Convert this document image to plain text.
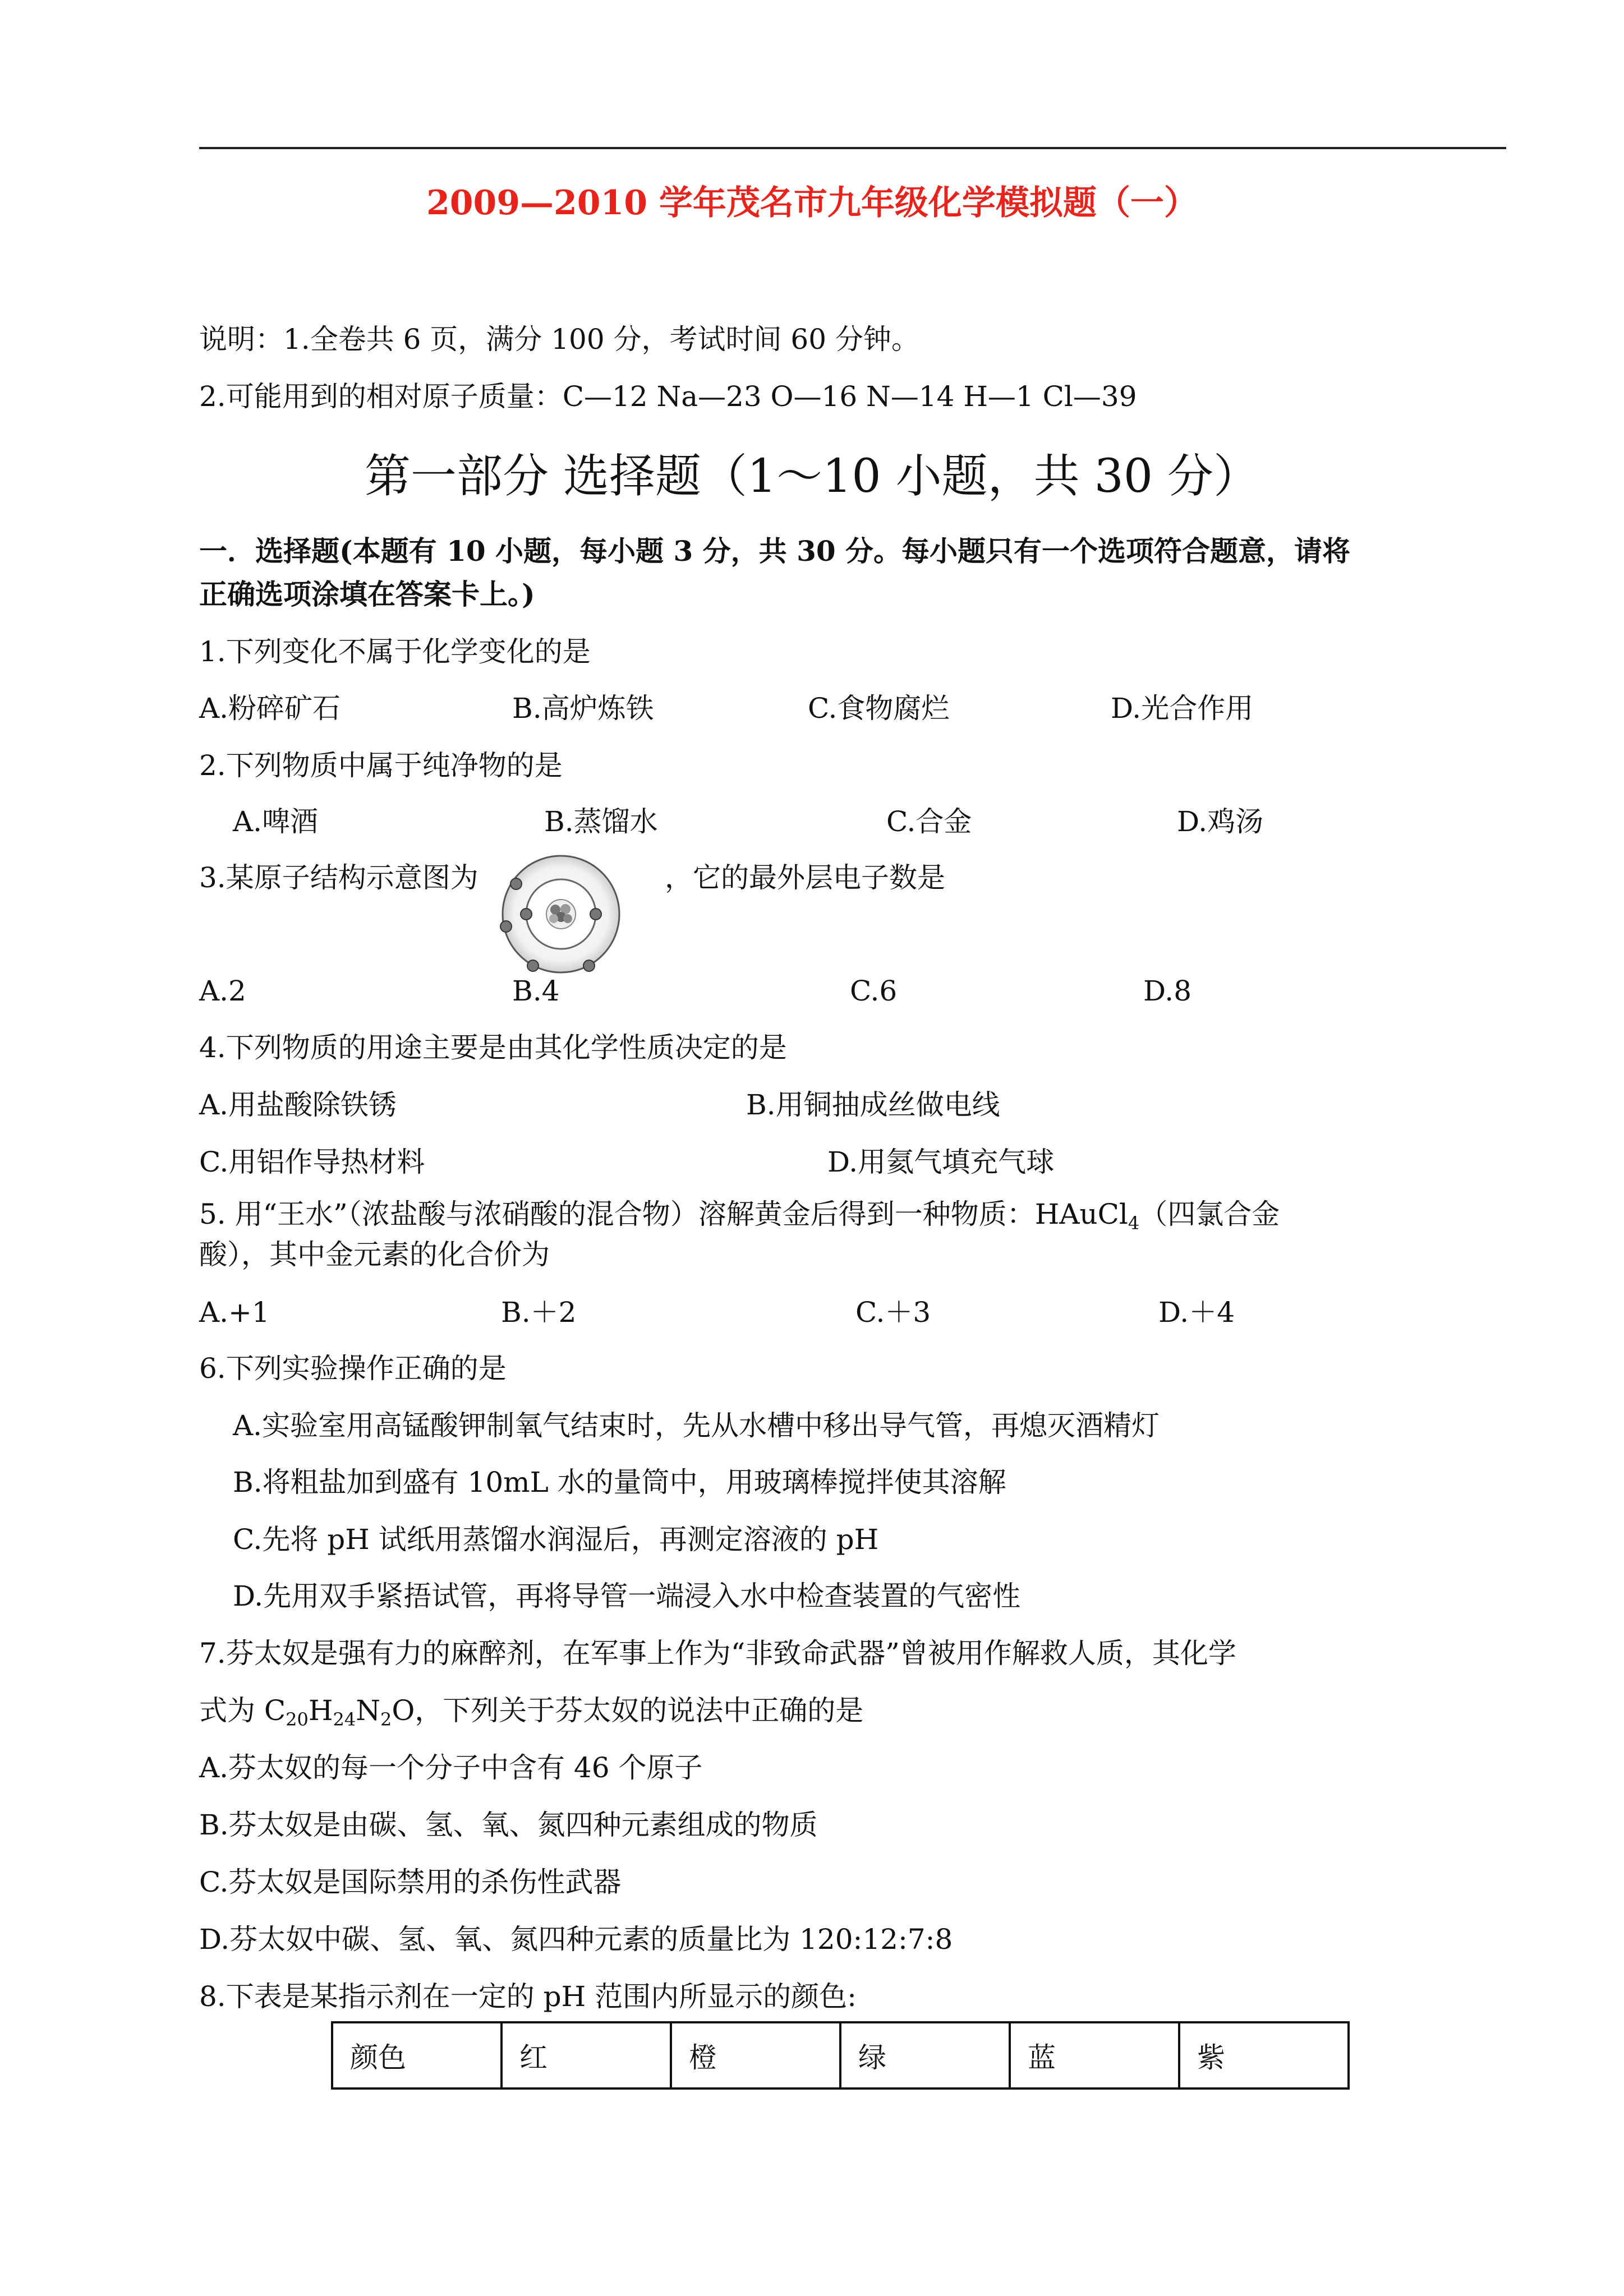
2009—2010 学年茂名市九年级化学模拟题（一）
说明：1.全卷共 6 页，满分 100 分，考试时间 60 分钟。
2.可能用到的相对原子质量：C—12 Na—23 O—16 N—14 H—1 Cl—39
第一部分 选择题（1～10 小题，共 30 分）
一．选择题(本题有 10 小题，每小题 3 分，共 30 分。每小题只有一个选项符合题意，请将
正确选项涂填在答案卡上。)
1.下列变化不属于化学变化的是
A.粉碎矿石	B.高炉炼铁	C.食物腐烂	D.光合作用
2.下列物质中属于纯净物的是
A.啤酒	B.蒸馏水	C.合金	D.鸡汤
3.某原子结构示意图为	，它的最外层电子数是
A.2	B.4	C.6	D.8
4.下列物质的用途主要是由其化学性质决定的是
A.用盐酸除铁锈	B.用铜抽成丝做电线
C.用铝作导热材料	D.用氦气填充气球
5. 用“王水”（浓盐酸与浓硝酸的混合物）溶解黄金后得到一种物质：HAuCl$_4$（四氯合金
酸），其中金元素的化合价为
A.+1	B.＋2	C.＋3	D.＋4
6.下列实验操作正确的是
A.实验室用高锰酸钾制氧气结束时，先从水槽中移出导气管，再熄灭酒精灯
B.将粗盐加到盛有 10mL 水的量筒中，用玻璃棒搅拌使其溶解
C.先将 pH 试纸用蒸馏水润湿后，再测定溶液的 pH
D.先用双手紧捂试管，再将导管一端浸入水中检查装置的气密性
7.芬太奴是强有力的麻醉剂，在军事上作为“非致命武器”曾被用作解救人质，其化学
式为 $C_{20}H_{24}N_2O$，下列关于芬太奴的说法中正确的是
A.芬太奴的每一个分子中含有 46 个原子
B.芬太奴是由碳、氢、氧、氮四种元素组成的物质
C.芬太奴是国际禁用的杀伤性武器
D.芬太奴中碳、氢、氧、氮四种元素的质量比为 120:12:7:8
8.下表是某指示剂在一定的 pH 范围内所显示的颜色:
颜色	红	橙	绿	蓝	紫
